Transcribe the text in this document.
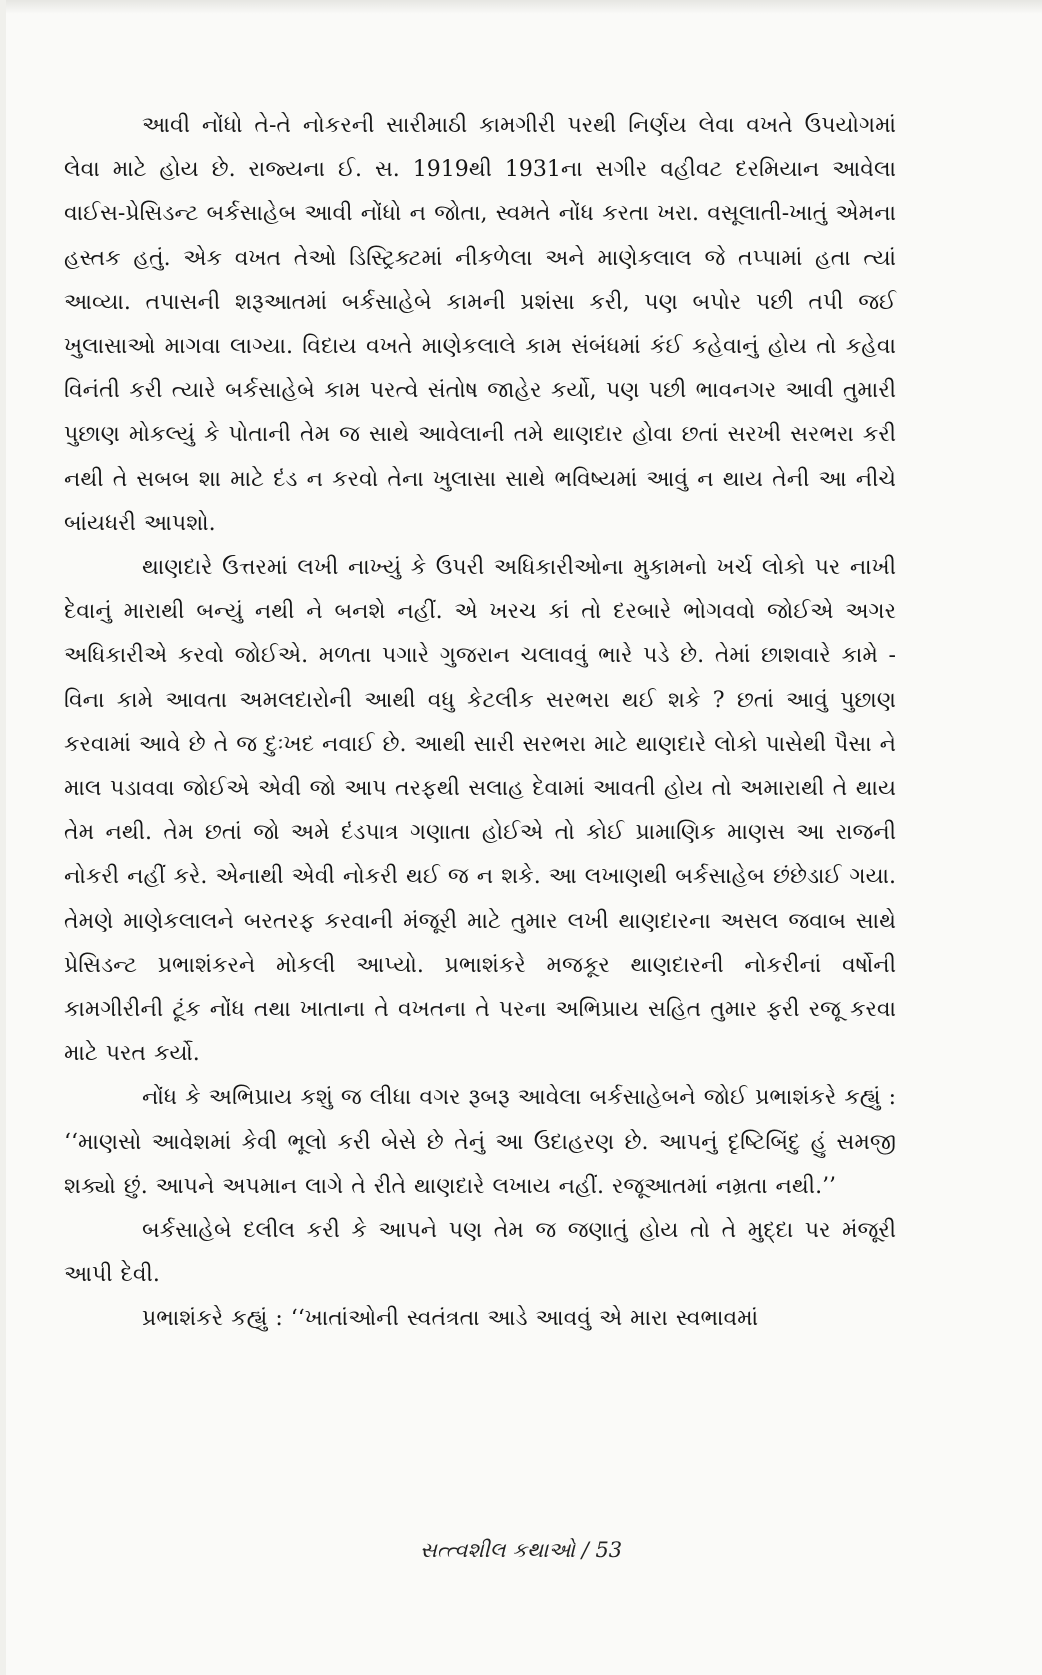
આવી નોંધો તે-તે નોકરની સારીમાઠી કામગીરી પરથી નિર્ણય લેવા વખતે ઉપયોગમાં લેવા માટે હોય છે. રાજ્યના ઈ. સ. 1919થી 1931ના સગીર વહીવટ દરમિયાન આવેલા વાઈસ-પ્રેસિડન્ટ બર્કસાહેબ આવી નોંધો ન જોતા, સ્વમતે નોંધ કરતા ખરા. વસૂલાતી-ખાતું એમના હસ્તક હતું. એક વખત તેઓ ડિસ્ટ્રિક્ટમાં નીકળેલા અને માણેકલાલ જે તપ્પામાં હતા ત્યાં આવ્યા. તપાસની શરૂઆતમાં બર્કસાહેબે કામની પ્રશંસા કરી, પણ બપોર પછી તપી જઈ ખુલાસાઓ માગવા લાગ્યા. વિદાય વખતે માણેકલાલે કામ સંબંધમાં કંઈ કહેવાનું હોય તો કહેવા વિનંતી કરી ત્યારે બર્કસાહેબે કામ પરત્વે સંતોષ જાહેર કર્યો, પણ પછી ભાવનગર આવી તુમારી પુછાણ મોકલ્યું કે પોતાની તેમ જ સાથે આવેલાની તમે થાણદાર હોવા છતાં સરખી સરભરા કરી નથી તે સબબ શા માટે દંડ ન કરવો તેના ખુલાસા સાથે ભવિષ્યમાં આવું ન થાય તેની આ નીચે બાંયધરી આપશો.

થાણદારે ઉત્તરમાં લખી નાખ્યું કે ઉપરી અધિકારીઓના મુકામનો ખર્ચ લોકો પર નાખી દેવાનું મારાથી બન્યું નથી ને બનશે નહીં. એ ખરચ કાં તો દરબારે ભોગવવો જોઈએ અગર અધિકારીએ કરવો જોઈએ. મળતા પગારે ગુજરાન ચલાવવું ભારે પડે છે. તેમાં છાશવારે કામે - વિના કામે આવતા અમલદારોની આથી વધુ કેટલીક સરભરા થઈ શકે ? છતાં આવું પુછાણ કરવામાં આવે છે તે જ દુઃખદ નવાઈ છે. આથી સારી સરભરા માટે થાણદારે લોકો પાસેથી પૈસા ને માલ પડાવવા જોઈએ એવી જો આપ તરફથી સલાહ દેવામાં આવતી હોય તો અમારાથી તે થાય તેમ નથી. તેમ છતાં જો અમે દંડપાત્ર ગણાતા હોઈએ તો કોઈ પ્રામાણિક માણસ આ રાજની નોકરી નહીં કરે. એનાથી એવી નોકરી થઈ જ ન શકે. આ લખાણથી બર્કસાહેબ છંછેડાઈ ગયા. તેમણે માણેકલાલને બરતરફ કરવાની મંજૂરી માટે તુમાર લખી થાણદારના અસલ જવાબ સાથે પ્રેસિડન્ટ પ્રભાશંકરને મોકલી આપ્યો. પ્રભાશંકરે મજકૂર થાણદારની નોકરીનાં વર્ષોની કામગીરીની ટૂંક નોંધ તથા ખાતાના તે વખતના તે પરના અભિપ્રાય સહિત તુમાર ફરી રજૂ કરવા માટે પરત કર્યો.

નોંધ કે અભિપ્રાય કશું જ લીધા વગર રૂબરૂ આવેલા બર્કસાહેબને જોઈ પ્રભાશંકરે કહ્યું : ‘‘માણસો આવેશમાં કેવી ભૂલો કરી બેસે છે તેનું આ ઉદાહરણ છે. આપનું દૃષ્ટિબિંદુ હું સમજી શક્યો છું. આપને અપમાન લાગે તે રીતે થાણદારે લખાય નહીં. રજૂઆતમાં નમ્રતા નથી.’’

બર્કસાહેબે દલીલ કરી કે આપને પણ તેમ જ જણાતું હોય તો તે મુદ્દા પર મંજૂરી આપી દેવી.

પ્રભાશંકરે કહ્યું : ‘‘ખાતાંઓની સ્વતંત્રતા આડે આવવું એ મારા સ્વભાવમાં

સત્ત્વશીલ કથાઓ / 53
